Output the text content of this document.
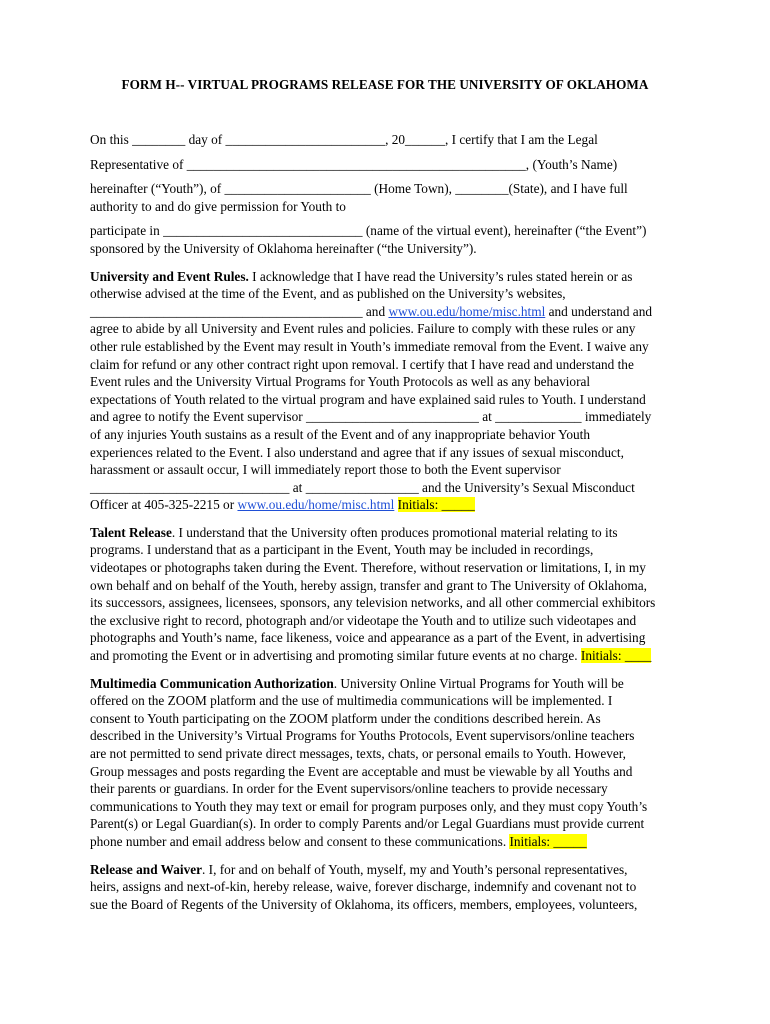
FORM H-- VIRTUAL PROGRAMS RELEASE FOR THE UNIVERSITY OF OKLAHOMA
On this ________ day of ________________________, 20______, I certify that I am the Legal
Representative of ___________________________________________________, (Youth’s Name)
hereinafter (“Youth”), of ______________________ (Home Town), ________(State), and I have full
authority to and do give permission for Youth to
participate in ______________________________ (name of the virtual event), hereinafter (“the Event”)
sponsored by the University of Oklahoma hereinafter (“the University”).
University and Event Rules. I acknowledge that I have read the University’s rules stated herein or as
otherwise advised at the time of the Event, and as published on the University’s websites,
_________________________________________ and www.ou.edu/home/misc.html and understand and
agree to abide by all University and Event rules and policies. Failure to comply with these rules or any
other rule established by the Event may result in Youth’s immediate removal from the Event. I waive any
claim for refund or any other contract right upon removal. I certify that I have read and understand the
Event rules and the University Virtual Programs for Youth Protocols as well as any behavioral
expectations of Youth related to the virtual program and have explained said rules to Youth. I understand
and agree to notify the Event supervisor __________________________ at _____________ immediately
of any injuries Youth sustains as a result of the Event and of any inappropriate behavior Youth
experiences related to the Event. I also understand and agree that if any issues of sexual misconduct,
harassment or assault occur, I will immediately report those to both the Event supervisor
______________________________ at _________________ and the University’s Sexual Misconduct
Officer at 405-325-2215 or www.ou.edu/home/misc.html Initials: _____
Talent Release. I understand that the University often produces promotional material relating to its
programs. I understand that as a participant in the Event, Youth may be included in recordings,
videotapes or photographs taken during the Event. Therefore, without reservation or limitations, I, in my
own behalf and on behalf of the Youth, hereby assign, transfer and grant to The University of Oklahoma,
its successors, assignees, licensees, sponsors, any television networks, and all other commercial exhibitors
the exclusive right to record, photograph and/or videotape the Youth and to utilize such videotapes and
photographs and Youth’s name, face likeness, voice and appearance as a part of the Event, in advertising
and promoting the Event or in advertising and promoting similar future events at no charge. Initials: ____
Multimedia Communication Authorization. University Online Virtual Programs for Youth will be
offered on the ZOOM platform and the use of multimedia communications will be implemented. I
consent to Youth participating on the ZOOM platform under the conditions described herein. As
described in the University’s Virtual Programs for Youths Protocols, Event supervisors/online teachers
are not permitted to send private direct messages, texts, chats, or personal emails to Youth. However,
Group messages and posts regarding the Event are acceptable and must be viewable by all Youths and
their parents or guardians. In order for the Event supervisors/online teachers to provide necessary
communications to Youth they may text or email for program purposes only, and they must copy Youth’s
Parent(s) or Legal Guardian(s). In order to comply Parents and/or Legal Guardians must provide current
phone number and email address below and consent to these communications. Initials: _____
Release and Waiver. I, for and on behalf of Youth, myself, my and Youth’s personal representatives,
heirs, assigns and next-of-kin, hereby release, waive, forever discharge, indemnify and covenant not to
sue the Board of Regents of the University of Oklahoma, its officers, members, employees, volunteers,
